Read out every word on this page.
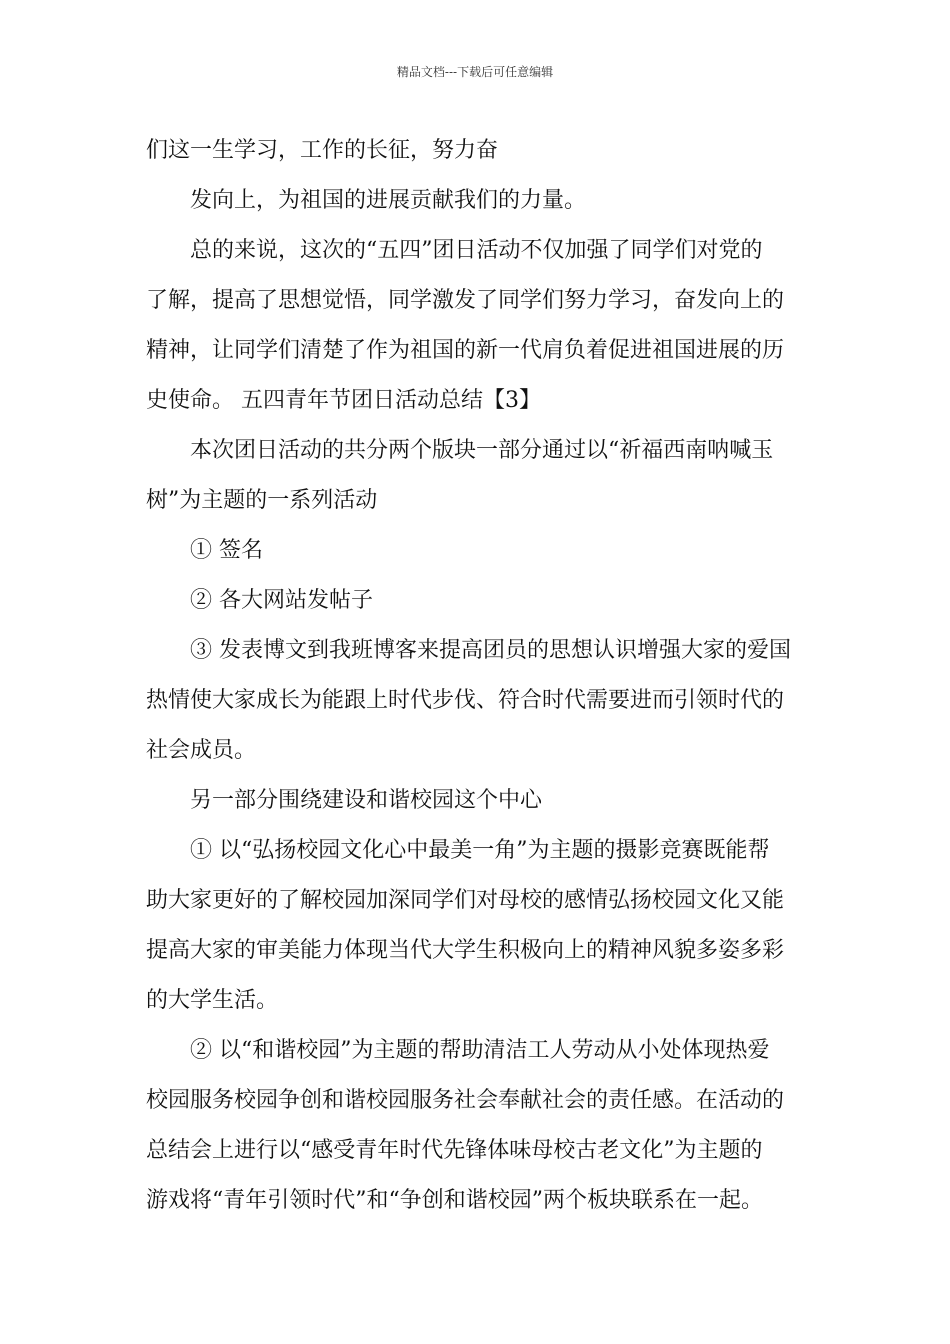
精品文档---下载后可任意编辑

们这一生学习，工作的长征，努力奋

发向上，为祖国的进展贡献我们的力量。

总的来说，这次的“五四”团日活动不仅加强了同学们对党的

了解，提高了思想觉悟，同学激发了同学们努力学习，奋发向上的

精神，让同学们清楚了作为祖国的新一代肩负着促进祖国进展的历

史使命。 五四青年节团日活动总结【3】

本次团日活动的共分两个版块一部分通过以“祈福西南呐喊玉

树”为主题的一系列活动

① 签名

② 各大网站发帖子

③ 发表博文到我班博客来提高团员的思想认识增强大家的爱国

热情使大家成长为能跟上时代步伐、符合时代需要进而引领时代的

社会成员。

另一部分围绕建设和谐校园这个中心

① 以“弘扬校园文化心中最美一角”为主题的摄影竞赛既能帮

助大家更好的了解校园加深同学们对母校的感情弘扬校园文化又能

提高大家的审美能力体现当代大学生积极向上的精神风貌多姿多彩

的大学生活。

② 以“和谐校园”为主题的帮助清洁工人劳动从小处体现热爱

校园服务校园争创和谐校园服务社会奉献社会的责任感。在活动的

总结会上进行以“感受青年时代先锋体味母校古老文化”为主题的

游戏将“青年引领时代”和“争创和谐校园”两个板块联系在一起。
